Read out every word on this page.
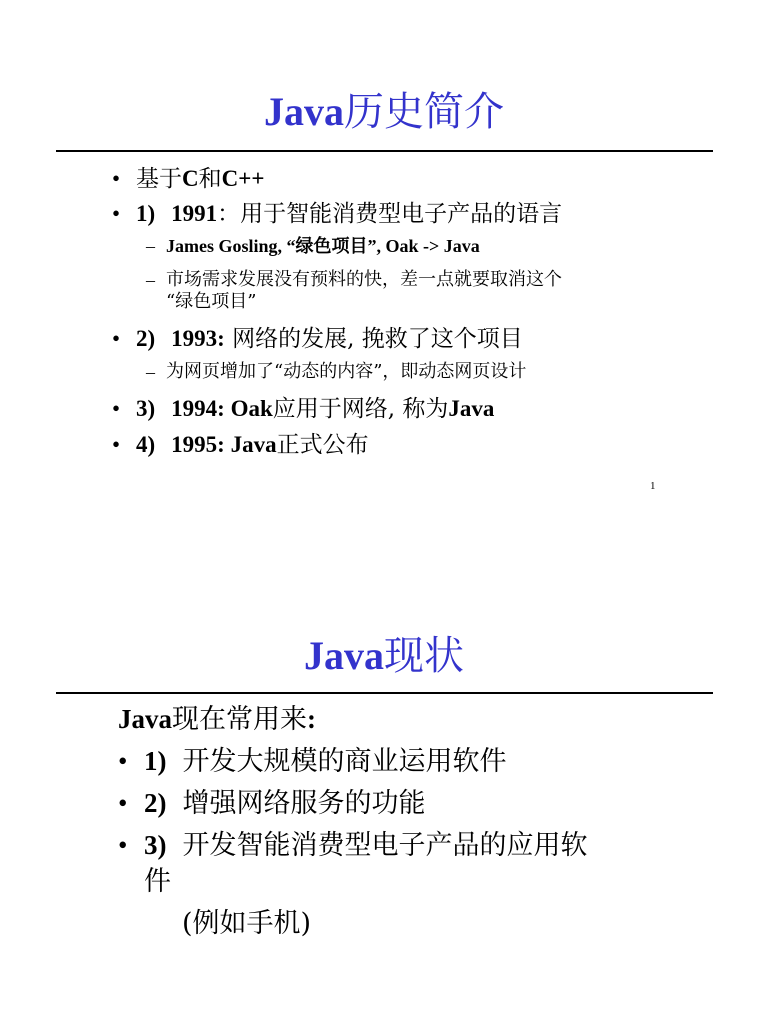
Java历史简介
• 基于C和C++
• 1) 1991：用于智能消费型电子产品的语言
– James Gosling, “绿色项目”, Oak -> Java
– 市场需求发展没有预料的快，差一点就要取消这个
“绿色项目”
• 2) 1993: 网络的发展, 挽救了这个项目
– 为网页增加了“动态的内容”，即动态网页设计
• 3) 1994: Oak应用于网络, 称为Java
• 4) 1995: Java正式公布
1
Java现状
Java现在常用来:
• 1) 开发大规模的商业运用软件
• 2) 增强网络服务的功能
• 3) 开发智能消费型电子产品的应用软
件
(例如手机)
